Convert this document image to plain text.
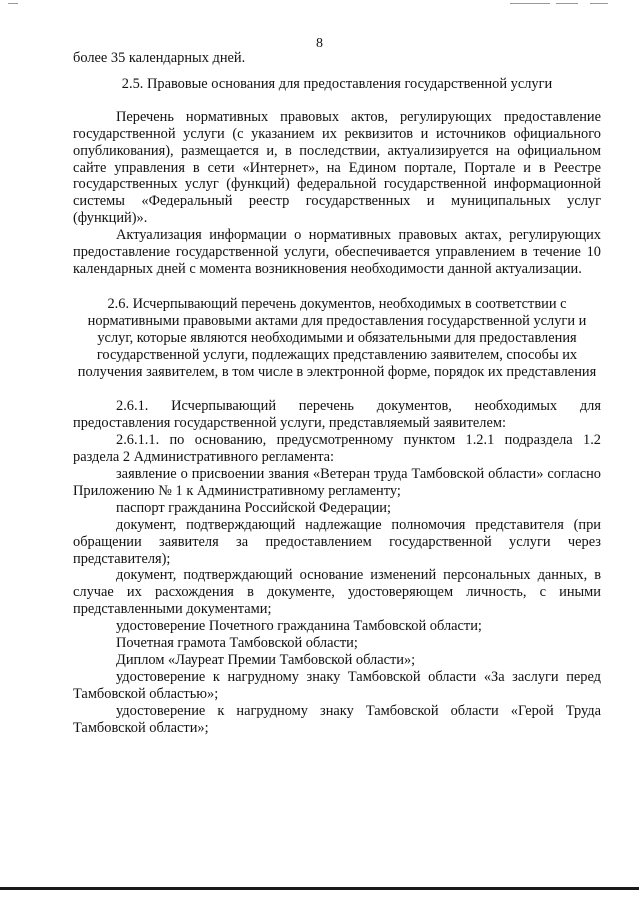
8

более 35 календарных дней.

2.5. Правовые основания для предоставления государственной услуги

Перечень нормативных правовых актов, регулирующих предоставление государственной услуги (с указанием их реквизитов и источников официального опубликования), размещается и, в последствии, актуализируется на официальном сайте управления в сети «Интернет», на Едином портале, Портале и в Реестре государственных услуг (функций) федеральной государственной информационной системы «Федеральный реестр государственных и муниципальных услуг (функций)».

Актуализация информации о нормативных правовых актах, регулирующих предоставление государственной услуги, обеспечивается управлением в течение 10 календарных дней с момента возникновения необходимости данной актуализации.

2.6. Исчерпывающий перечень документов, необходимых в соответствии с нормативными правовыми актами для предоставления государственной услуги и услуг, которые являются необходимыми и обязательными для предоставления государственной услуги, подлежащих представлению заявителем, способы их получения заявителем, в том числе в электронной форме, порядок их представления

2.6.1. Исчерпывающий перечень документов, необходимых для предоставления государственной услуги, представляемый заявителем:

2.6.1.1. по основанию, предусмотренному пунктом 1.2.1 подраздела 1.2 раздела 2 Административного регламента:

заявление о присвоении звания «Ветеран труда Тамбовской области» согласно Приложению № 1 к Административному регламенту;

паспорт гражданина Российской Федерации;

документ, подтверждающий надлежащие полномочия представителя (при обращении заявителя за предоставлением государственной услуги через представителя);

документ, подтверждающий основание изменений персональных данных, в случае их расхождения в документе, удостоверяющем личность, с иными представленными документами;

удостоверение Почетного гражданина Тамбовской области;

Почетная грамота Тамбовской области;

Диплом «Лауреат Премии Тамбовской области»;

удостоверение к нагрудному знаку Тамбовской области «За заслуги перед Тамбовской областью»;

удостоверение к нагрудному знаку Тамбовской области «Герой Труда Тамбовской области»;
